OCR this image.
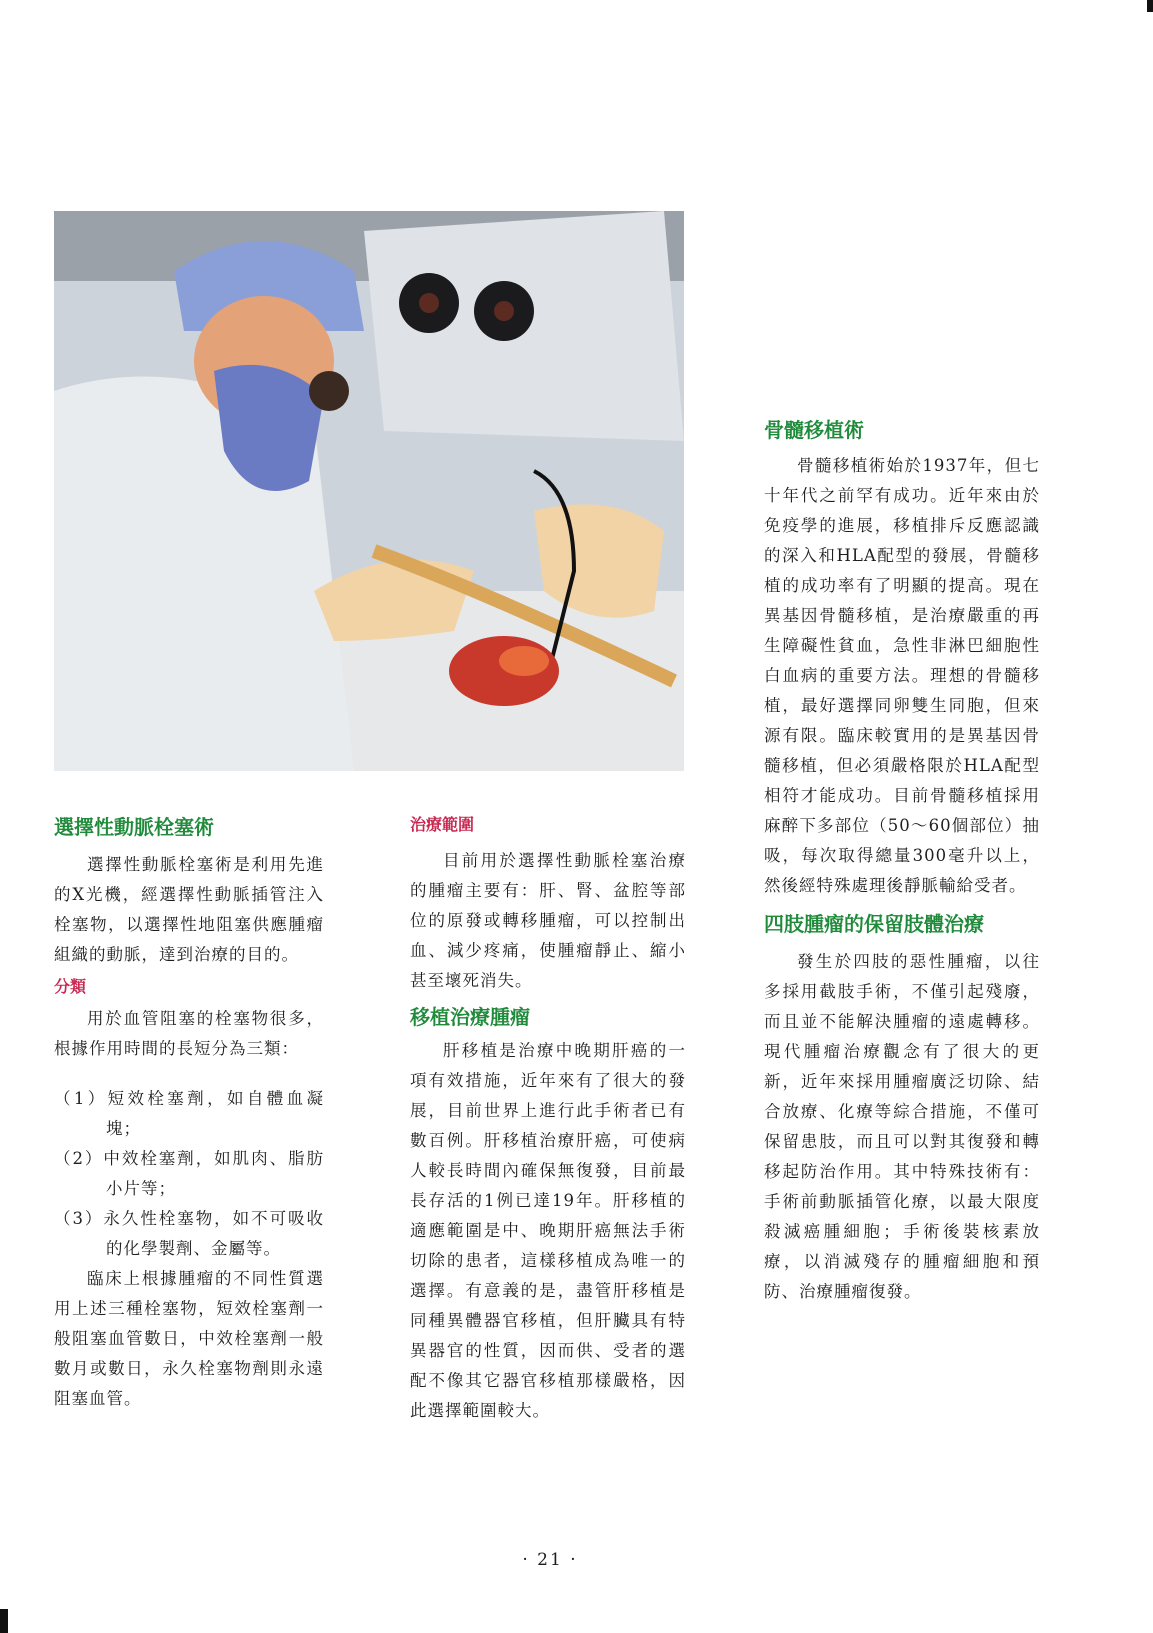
選擇性動脈栓塞術

選擇性動脈栓塞術是利用先進的X光機，經選擇性動脈插管注入栓塞物，以選擇性地阻塞供應腫瘤組織的動脈，達到治療的目的。

分類

用於血管阻塞的栓塞物很多，根據作用時間的長短分為三類：

（1）短效栓塞劑，如自體血凝塊；
（2）中效栓塞劑，如肌肉、脂肪小片等；
（3）永久性栓塞物，如不可吸收的化學製劑、金屬等。

臨床上根據腫瘤的不同性質選用上述三種栓塞物，短效栓塞劑一般阻塞血管數日，中效栓塞劑一般數月或數日，永久栓塞物劑則永遠阻塞血管。

治療範圍

目前用於選擇性動脈栓塞治療的腫瘤主要有：肝、腎、盆腔等部位的原發或轉移腫瘤，可以控制出血、減少疼痛，使腫瘤靜止、縮小甚至壞死消失。

移植治療腫瘤

肝移植是治療中晚期肝癌的一項有效措施，近年來有了很大的發展，目前世界上進行此手術者已有數百例。肝移植治療肝癌，可使病人較長時間內確保無復發，目前最長存活的1例已達19年。肝移植的適應範圍是中、晚期肝癌無法手術切除的患者，這樣移植成為唯一的選擇。有意義的是，盡管肝移植是同種異體器官移植，但肝臟具有特異器官的性質，因而供、受者的選配不像其它器官移植那樣嚴格，因此選擇範圍較大。

骨髓移植術

骨髓移植術始於1937年，但七十年代之前罕有成功。近年來由於免疫學的進展，移植排斥反應認識的深入和HLA配型的發展，骨髓移植的成功率有了明顯的提高。現在異基因骨髓移植，是治療嚴重的再生障礙性貧血，急性非淋巴細胞性白血病的重要方法。理想的骨髓移植，最好選擇同卵雙生同胞，但來源有限。臨床較實用的是異基因骨髓移植，但必須嚴格限於HLA配型相符才能成功。目前骨髓移植採用麻醉下多部位（50～60個部位）抽吸，每次取得總量300毫升以上，然後經特殊處理後靜脈輸給受者。

四肢腫瘤的保留肢體治療

發生於四肢的惡性腫瘤，以往多採用截肢手術，不僅引起殘廢，而且並不能解決腫瘤的遠處轉移。現代腫瘤治療觀念有了很大的更新，近年來採用腫瘤廣泛切除、結合放療、化療等綜合措施，不僅可保留患肢，而且可以對其復發和轉移起防治作用。其中特殊技術有：手術前動脈插管化療，以最大限度殺滅癌腫細胞；手術後裝核素放療，以消滅殘存的腫瘤細胞和預防、治療腫瘤復發。

· 21 ·
